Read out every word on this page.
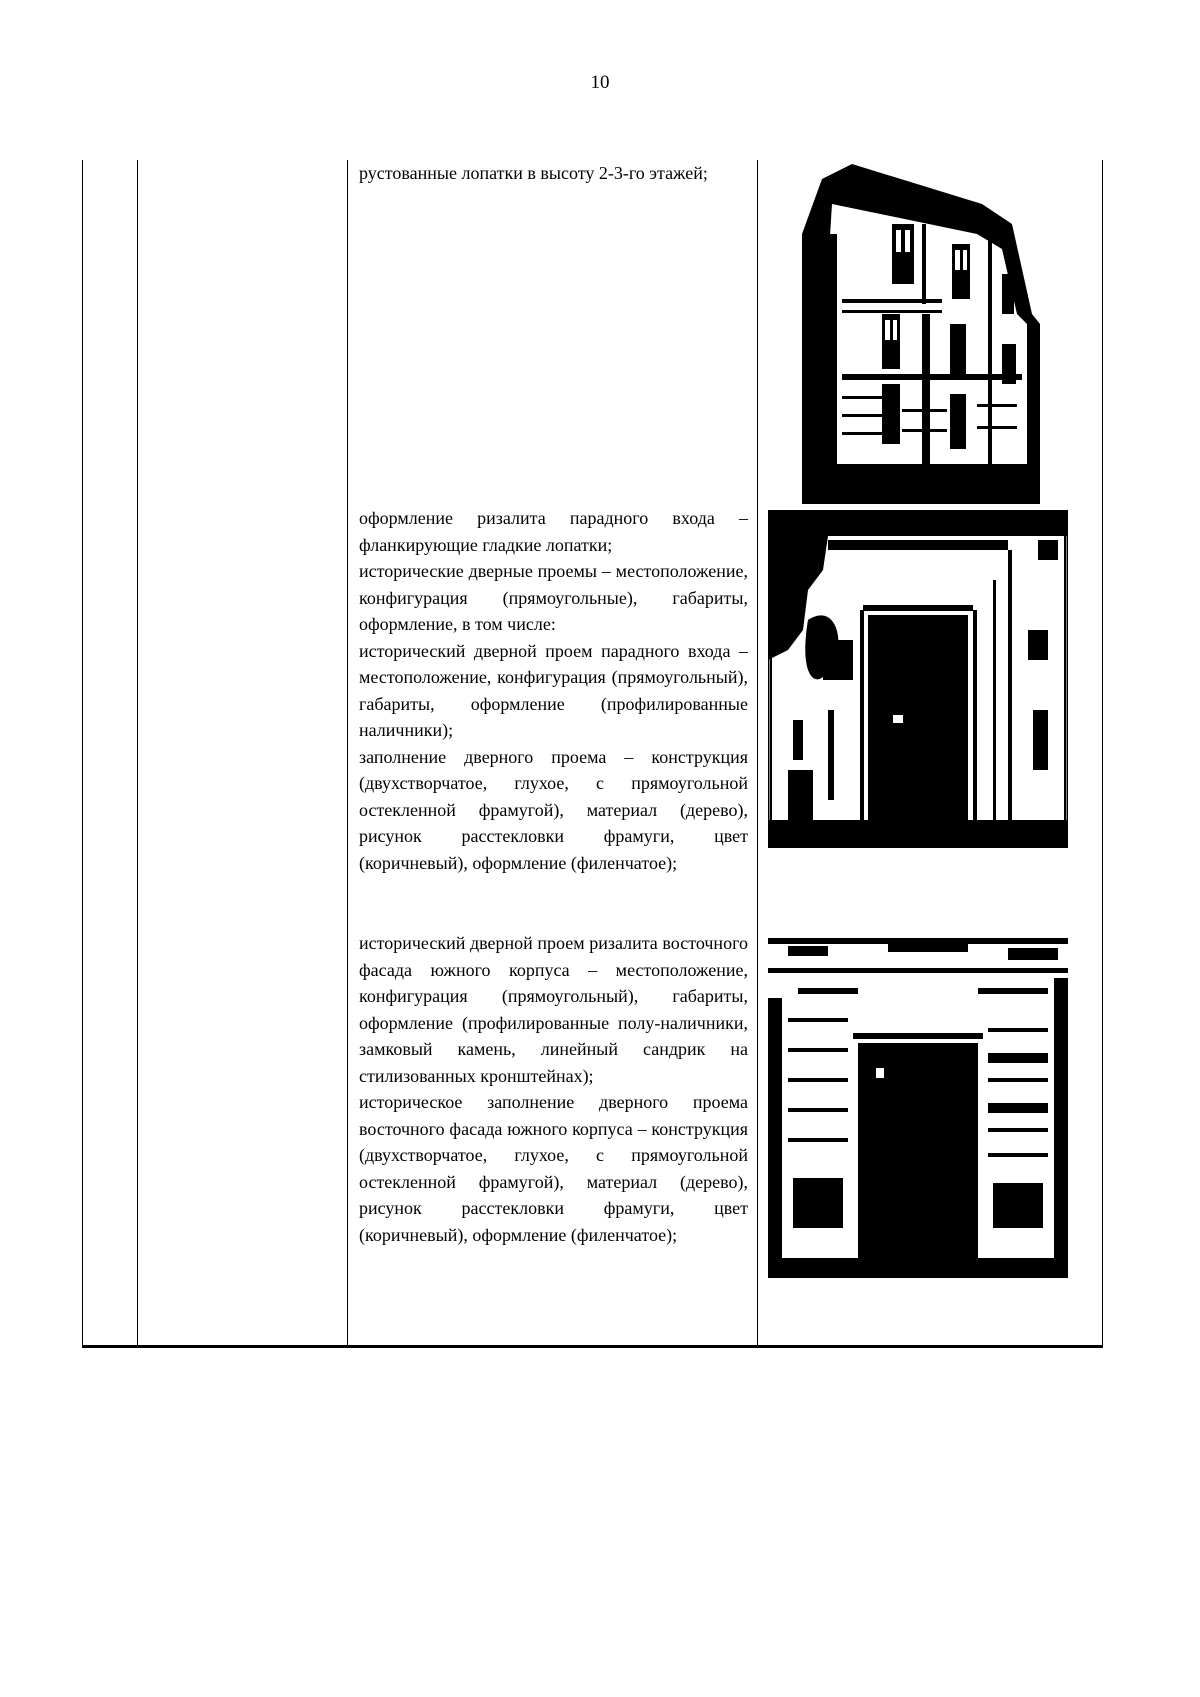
10

рустованные лопатки в высоту 2-3-го этажей;

оформление ризалита парадного входа – фланкирующие гладкие лопатки;

исторические дверные проемы – местоположение, конфигурация (прямоугольные), габариты, оформление, в том числе:

исторический дверной проем парадного входа – местоположение, конфигурация (прямоугольный), габариты, оформление (профилированные наличники);

заполнение дверного проема – конструкция (двухстворчатое, глухое, с прямоугольной остекленной фрамугой), материал (дерево), рисунок расстекловки фрамуги, цвет (коричневый), оформление (филенчатое);

исторический дверной проем ризалита восточного фасада южного корпуса – местоположение, конфигурация (прямоугольный), габариты, оформление (профилированные полу-наличники, замковый камень, линейный сандрик на стилизованных кронштейнах);

историческое заполнение дверного проема восточного фасада южного корпуса – конструкция (двухстворчатое, глухое, с прямоугольной остекленной фрамугой), материал (дерево), рисунок расстекловки фрамуги, цвет (коричневый), оформление (филенчатое);
